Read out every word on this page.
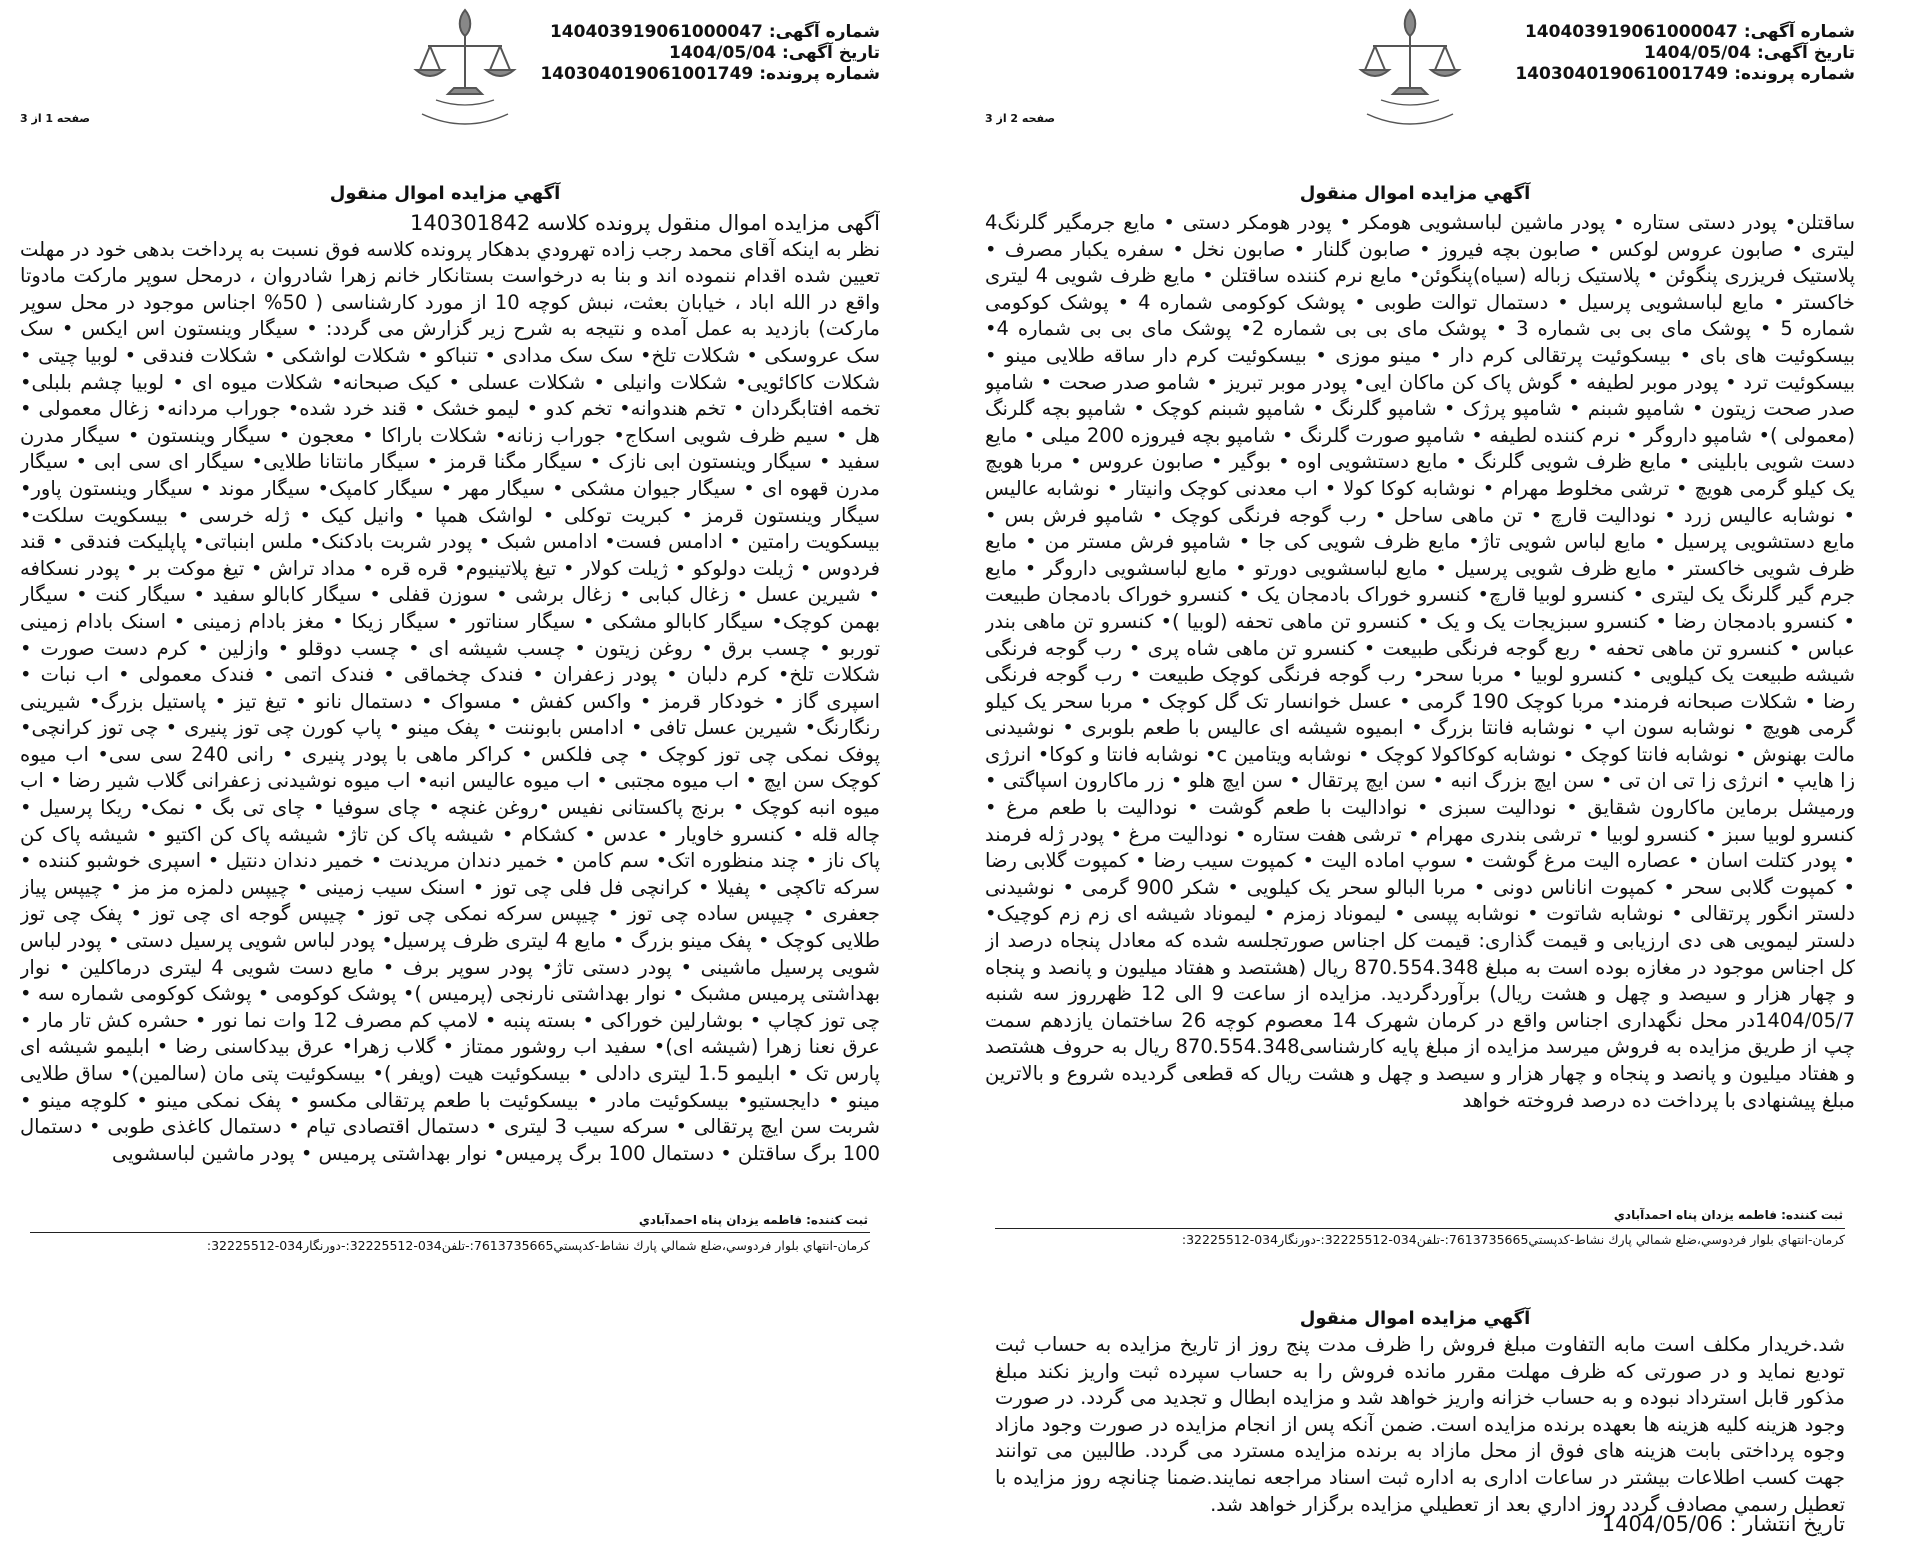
شماره آگهی: 140403919061000047
تاریخ آگهی: 1404/05/04
شماره پرونده: 140304019061001749
صفحه 1 از 3
آگهي مزايده اموال منقول
آگهی مزایده اموال منقول پرونده کلاسه 140301842
نظر به اینکه آقای محمد رجب زاده تهرودي بدهکار پرونده کلاسه فوق نسبت به پرداخت بدهی خود در مهلت تعیین شده اقدام ننموده اند و بنا به درخواست بستانکار خانم زهرا شادروان ، درمحل سوپر مارکت مادوتا واقع در الله اباد ، خیابان بعثت، نبش کوچه 10 از مورد کارشناسی ( 50% اجناس موجود در محل سوپر مارکت) بازدید به عمل آمده و نتیجه به شرح زیر گزارش می گردد: • سیگار وینستون اس ایکس • سک سک عروسکی • شکلات تلخ• سک سک مدادی • تنباکو • شکلات لواشکی • شکلات فندقی • لوبیا چیتی • شکلات کاکائویی• شکلات وانیلی • شکلات عسلی • کیک صبحانه• شکلات میوه ای • لوبیا چشم بلبلی• تخمه افتابگردان • تخم هندوانه• تخم کدو • لیمو خشک • قند خرد شده• جوراب مردانه• زغال معمولی • هل • سیم ظرف شویی اسکاج• جوراب زنانه• شکلات باراکا • معجون • سیگار وینستون • سیگار مدرن سفید • سیگار وینستون ابی نازک • سیگار مگنا قرمز • سیگار مانتانا طلایی• سیگار ای سی ابی • سیگار مدرن قهوه ای • سیگار جیوان مشکی • سیگار مهر • سیگار کامپک• سیگار موند • سیگار وینستون پاور• سیگار وینستون قرمز • کبریت توکلی • لواشک همپا • وانیل کیک • ژله خرسی • بیسکویت سلکت• بیسکویت رامتین • ادامس فست• ادامس شبک • پودر شربت بادکنک• ملس ابنباتی• پاپلیکت فندقی • قند فردوس • ژیلت دولوکو • ژیلت کولار • تیغ پلاتینیوم• قره قره • مداد تراش • تیغ موکت بر • پودر نسکافه • شیرین عسل • زغال کبابی • زغال برشی • سوزن قفلی • سیگار کابالو سفید • سیگار کنت • سیگار بهمن کوچک• سیگار کابالو مشکی • سیگار سناتور • سیگار زیکا • مغز بادام زمینی • اسنک بادام زمینی توربو • چسب برق • روغن زیتون • چسب شیشه ای • چسب دوقلو • وازلین • کرم دست صورت • شکلات تلخ• کرم دلبان • پودر زعفران • فندک چخماقی • فندک اتمی • فندک معمولی • اب نبات • اسپری گاز • خودکار قرمز • واکس کفش • مسواک • دستمال نانو • تیغ تیز • پاستیل بزرگ• شیرینی رنگارنگ• شیرین عسل تافی • ادامس بابوننت • پفک مینو • پاپ کورن چی توز پنیری • چی توز کرانچی• پوفک نمکی چی توز کوچک • چی فلکس • کراکر ماهی با پودر پنیری • رانی 240 سی سی• اب میوه کوچک سن ایچ • اب میوه مجتبی • اب میوه عالیس انبه• اب میوه نوشیدنی زعفرانی گلاب شیر رضا • اب میوه انبه کوچک • برنج پاکستانی نفیس •روغن غنچه • چای سوفیا • چای تی بگ • نمک• ریکا پرسیل • چاله قله • کنسرو خاویار • عدس • کشکام • شیشه پاک کن تاژ• شیشه پاک کن اکتیو • شیشه پاک کن پاک ناز • چند منظوره اتک• سم کامن • خمیر دندان مریدنت • خمیر دندان دنتیل • اسپری خوشبو کننده • سرکه تاکچی • پفیلا • کرانچی فل فلی چی توز • اسنک سیب زمینی • چیپس دلمزه مز مز • چیپس پیاز جعفری • چیپس ساده چی توز • چیپس سرکه نمکی چی توز • چیپس گوجه ای چی توز • پفک چی توز طلایی کوچک • پفک مینو بزرگ • مایع 4 لیتری ظرف پرسیل• پودر لباس شویی پرسیل دستی • پودر لباس شویی پرسیل ماشینی • پودر دستی تاژ• پودر سوپر برف • مایع دست شویی 4 لیتری درماکلین • نوار بهداشتی پرمیس مشبک • نوار بهداشتی نارنجی (پرمیس )• پوشک کوکومی • پوشک کوکومی شماره سه • چی توز کچاپ • بوشارلین خوراکی • بسته پنبه • لامپ کم مصرف 12 وات نما نور • حشره کش تار مار • عرق نعنا زهرا (شیشه ای)• سفید اب روشور ممتاز • گلاب زهرا• عرق بیدکاسنی رضا • ابلیمو شیشه ای پارس تک • ابلیمو 1.5 لیتری دادلی • بیسکوئیت هیت (ویفر )• بیسکوئیت پتی مان (سالمین)• ساق طلایی مینو • دایجستیو• بیسکوئیت مادر • بیسکوئیت با طعم پرتقالی مکسو • پفک نمکی مینو • کلوچه مینو • شربت سن ایچ پرتقالی • سرکه سیب 3 لیتری • دستمال اقتصادی تیام • دستمال کاغذی طوبی • دستمال 100 برگ ساقتلن • دستمال 100 برگ پرمیس• نوار بهداشتی پرمیس • پودر ماشین لباسشویی
ثبت کننده: فاطمه یزدان پناه احمدآبادي
كرمان-انتهاي بلوار فردوسي،ضلع شمالي پارك نشاط-كدپستي7613735665:-تلفن034-32225512:-دورنگار034-32225512:
شماره آگهی: 140403919061000047
تاریخ آگهی: 1404/05/04
شماره پرونده: 140304019061001749
صفحه 2 از 3
آگهي مزايده اموال منقول
ساقتلن• پودر دستی ستاره • پودر ماشین لباسشویی هومکر • پودر هومکر دستی • مایع جرمگیر گلرنگ4 لیتری • صابون عروس لوکس • صابون بچه فیروز • صابون گلنار • صابون نخل • سفره یکبار مصرف • پلاستیک فریزری پنگوئن • پلاستیک زباله (سیاه)پنگوئن• مایع نرم کننده ساقتلن • مایع ظرف شویی 4 لیتری خاکستر • مایع لباسشویی پرسیل • دستمال توالت طوبی • پوشک کوکومی شماره 4 • پوشک کوکومی شماره 5 • پوشک مای بی بی شماره 3 • پوشک مای بی بی شماره 2• پوشک مای بی بی شماره 4• بیسکوئیت های بای • بیسکوئیت پرتقالی کرم دار • مینو موزی • بیسکوئیت کرم دار ساقه طلایی مینو • بیسکوئیت ترد • پودر موبر لطیفه • گوش پاک کن ماکان ایی• پودر موبر تبریز • شامو صدر صحت • شامپو صدر صحت زیتون • شامپو شبنم • شامپو پرژک • شامپو گلرنگ • شامپو شبنم کوچک • شامپو بچه گلرنگ (معمولی )• شامپو داروگر • نرم کننده لطیفه • شامپو صورت گلرنگ • شامپو بچه فیروزه 200 میلی • مایع دست شویی بابلینی • مایع ظرف شویی گلرنگ • مایع دستشویی اوه • بوگیر • صابون عروس • مربا هویچ یک کیلو گرمی هویچ • ترشی مخلوط مهرام • نوشابه کوکا کولا • اب معدنی کوچک وانیتار • نوشابه عالیس • نوشابه عالیس زرد • نودالیت قارچ • تن ماهی ساحل • رب گوجه فرنگی کوچک • شامپو فرش بس • مایع دستشویی پرسیل • مایع لباس شویی تاژ• مایع ظرف شویی کی جا • شامپو فرش مستر من • مایع ظرف شویی خاکستر • مایع ظرف شویی پرسیل • مایع لباسشویی دورتو • مایع لباسشویی داروگر • مایع جرم گیر گلرنگ یک لیتری • کنسرو لوبیا قارچ• کنسرو خوراک بادمجان یک • کنسرو خوراک بادمجان طبیعت • کنسرو بادمجان رضا • کنسرو سبزیجات یک و یک • کنسرو تن ماهی تحفه (لوبیا )• کنسرو تن ماهی بندر عباس • کنسرو تن ماهی تحفه • ربع گوجه فرنگی طبیعت • کنسرو تن ماهی شاه پری • رب گوجه فرنگی شیشه طبیعت یک کیلویی • کنسرو لوبیا • مربا سحر• رب گوجه فرنگی کوچک طبیعت • رب گوجه فرنگی رضا • شکلات صبحانه فرمند• مربا کوچک 190 گرمی • عسل خوانسار تک گل کوچک • مربا سحر یک کیلو گرمی هویچ • نوشابه سون اپ • نوشابه فانتا بزرگ • ابمیوه شیشه ای عالیس با طعم بلوبری • نوشیدنی مالت بهنوش • نوشابه فانتا کوچک • نوشابه کوکاکولا کوچک • نوشابه ویتامین c• نوشابه فانتا و کوکا• انرژی زا هایپ • انرژی زا تی ان تی • سن ایچ بزرگ انبه • سن ایچ پرتقال • سن ایچ هلو • زر ماکارون اسپاگتی • ورمیشل برماین ماکارون شقایق • نودالیت سبزی • نوادالیت با طعم گوشت • نودالیت با طعم مرغ • کنسرو لوبیا سبز • کنسرو لوبیا • ترشی بندری مهرام • ترشی هفت ستاره • نودالیت مرغ • پودر ژله فرمند • پودر کتلت اسان • عصاره الیت مرغ گوشت • سوپ اماده الیت • کمپوت سیب رضا • کمپوت گلابی رضا • کمپوت گلابی سحر • کمپوت اناناس دونی • مربا البالو سحر یک کیلویی • شکر 900 گرمی • نوشیدنی دلستر انگور پرتقالی • نوشابه شاتوت • نوشابه پپسی • لیموناد زمزم • لیموناد شیشه ای زم زم کوچیک• دلستر لیمویی هی دی ارزیابی و قیمت گذاری: قیمت کل اجناس صورتجلسه شده که معادل پنجاه درصد از کل اجناس موجود در مغازه بوده است به مبلغ 870.554.348 ریال (هشتصد و هفتاد میلیون و پانصد و پنجاه و چهار هزار و سیصد و چهل و هشت ریال) برآوردگردید. مزایده از ساعت 9 الی 12 ظهرروز سه شنبه 1404/05/7در محل نگهداری اجناس واقع در کرمان شهرک 14 معصوم کوچه 26 ساختمان یازدهم سمت چپ از طریق مزایده به فروش میرسد مزایده از مبلغ پایه کارشناسی870.554.348 ریال به حروف هشتصد و هفتاد میلیون و پانصد و پنجاه و چهار هزار و سیصد و چهل و هشت ریال که قطعی گردیده شروع و بالاترین مبلغ پیشنهادی با پرداخت ده درصد فروخته خواهد
ثبت کننده: فاطمه یزدان پناه احمدآبادي
كرمان-انتهاي بلوار فردوسي،ضلع شمالي پارك نشاط-كدپستي7613735665:-تلفن034-32225512:-دورنگار034-32225512:
آگهي مزايده اموال منقول
شد.خریدار مکلف است مابه التفاوت مبلغ فروش را ظرف مدت پنج روز از تاریخ مزایده به حساب ثبت تودیع نماید و در صورتی که ظرف مهلت مقرر مانده فروش را به حساب سپرده ثبت واریز نکند مبلغ مذکور قابل استرداد نبوده و به حساب خزانه واریز خواهد شد و مزایده ابطال و تجدید می گردد. در صورت وجود هزینه کلیه هزینه ها بعهده برنده مزایده است. ضمن آنکه پس از انجام مزایده در صورت وجود مازاد وجوه پرداختی بابت هزینه های فوق از محل مازاد به برنده مزایده مسترد می گردد. طالبین می توانند جهت کسب اطلاعات بیشتر در ساعات اداری به اداره ثبت اسناد مراجعه نمایند.ضمنا چنانچه روز مزایده با تعطیل رسمي مصادف گردد روز اداري بعد از تعطیلي مزایده برگزار خواهد شد.
تاریخ انتشار : 1404/05/06
